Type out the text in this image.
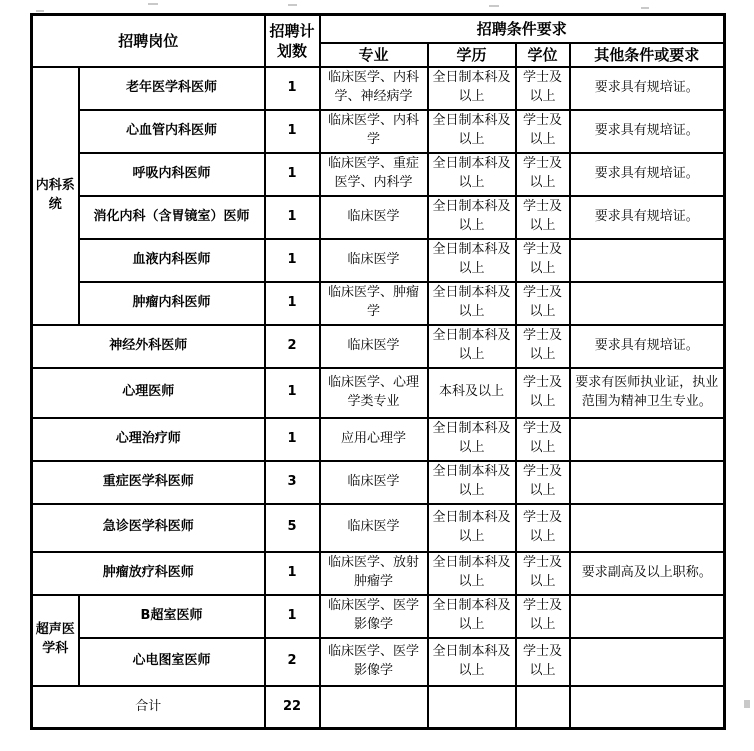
招聘岗位		招聘计划数	招聘条件要求			
			专业	学历	学位	其他条件或要求
内科系统	老年医学科医师	1	临床医学、内科学、神经病学	全日制本科及以上	学士及以上	要求具有规培证。
	心血管内科医师	1	临床医学、内科学	全日制本科及以上	学士及以上	要求具有规培证。
	呼吸内科医师	1	临床医学、重症医学、内科学	全日制本科及以上	学士及以上	要求具有规培证。
	消化内科（含胃镜室）医师	1	临床医学	全日制本科及以上	学士及以上	要求具有规培证。
	血液内科医师	1	临床医学	全日制本科及以上	学士及以上	
	肿瘤内科医师	1	临床医学、肿瘤学	全日制本科及以上	学士及以上	
神经外科医师		2	临床医学	全日制本科及以上	学士及以上	要求具有规培证。
心理医师		1	临床医学、心理学类专业	本科及以上	学士及以上	要求有医师执业证，执业范围为精神卫生专业。
心理治疗师		1	应用心理学	全日制本科及以上	学士及以上	
重症医学科医师		3	临床医学	全日制本科及以上	学士及以上	
急诊医学科医师		5	临床医学	全日制本科及以上	学士及以上	
肿瘤放疗科医师		1	临床医学、放射肿瘤学	全日制本科及以上	学士及以上	要求副高及以上职称。
超声医学科	B超室医师	1	临床医学、医学影像学	全日制本科及以上	学士及以上	
	心电图室医师	2	临床医学、医学影像学	全日制本科及以上	学士及以上	
合计		22				
